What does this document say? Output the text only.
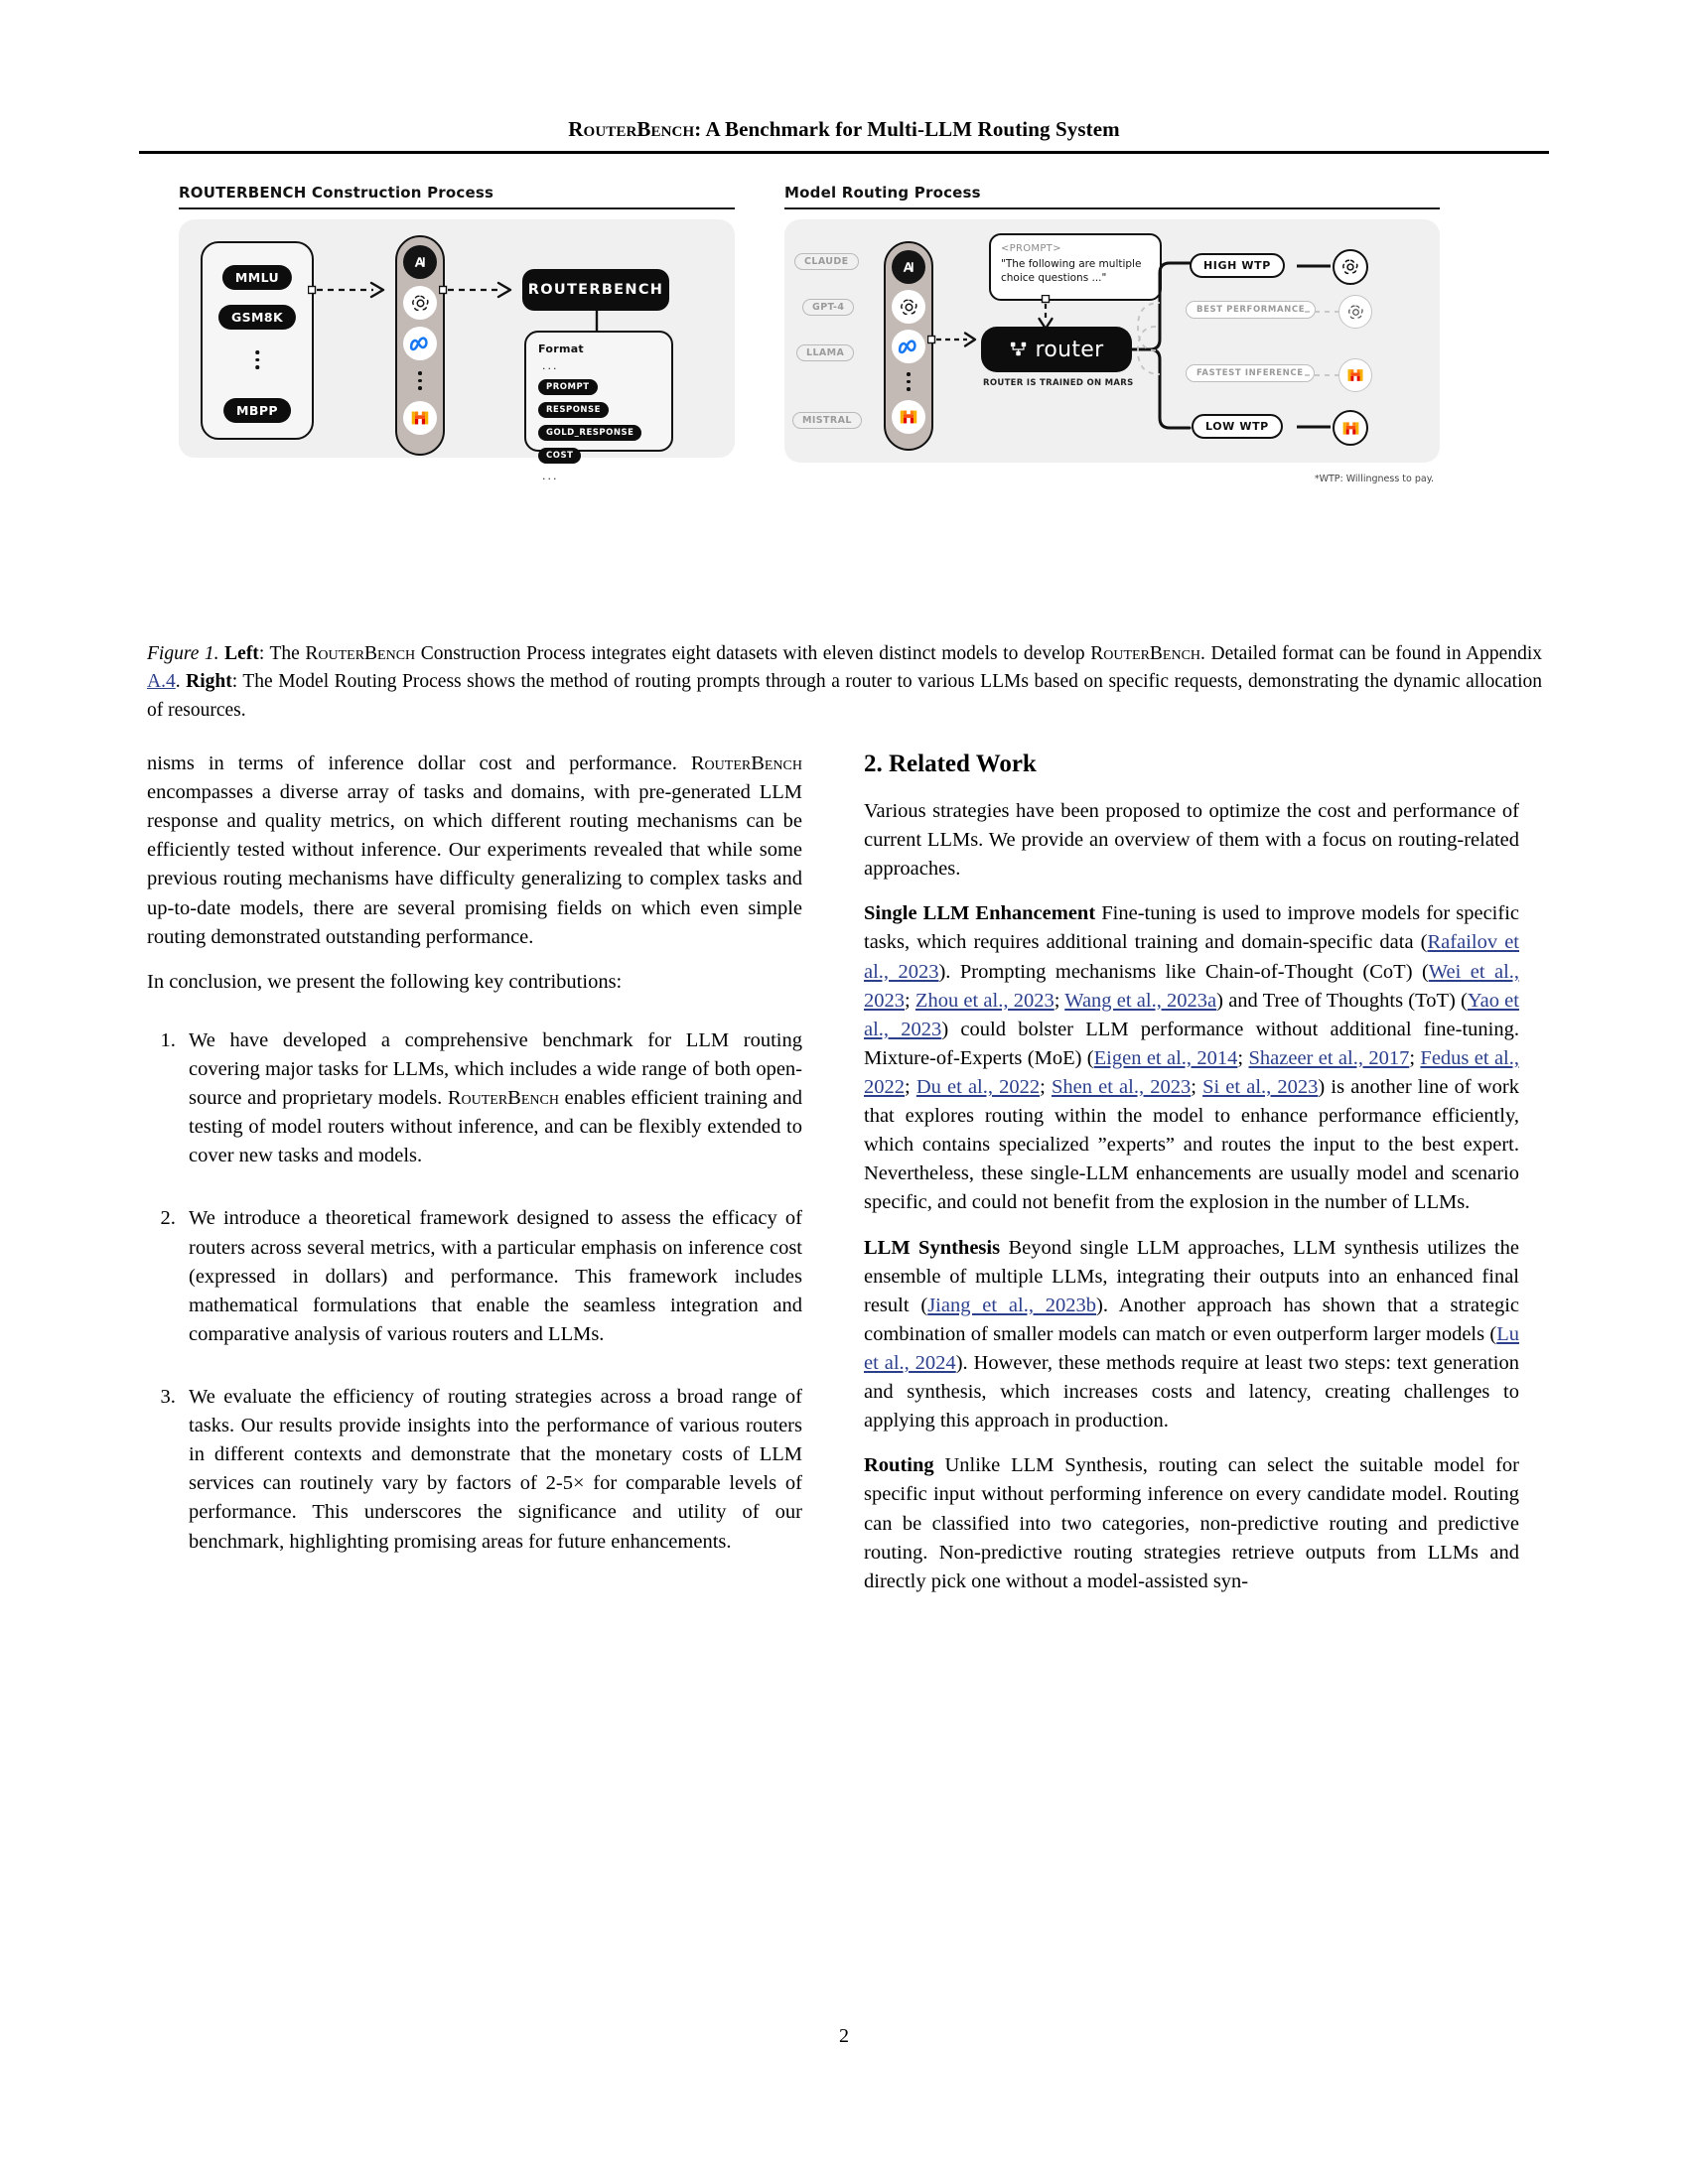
RouterBench: A Benchmark for Multi-LLM Routing System
ROUTERBENCH Construction Process
MMLU
GSM8K
MBPP
ROUTERBENCH
Format
...
PROMPT
RESPONSE
GOLD_RESPONSE
COST
...
Model Routing Process
CLAUDE
GPT-4
LLAMA
MISTRAL
<PROMPT>
"The following are multiple choice questions ..."
router
ROUTER IS TRAINED ON MARS
HIGH WTP
BEST PERFORMANCE
FASTEST INFERENCE
LOW WTP
*WTP: Willingness to pay.
Figure 1. Left: The RouterBench Construction Process integrates eight datasets with eleven distinct models to develop RouterBench. Detailed format can be found in Appendix A.4. Right: The Model Routing Process shows the method of routing prompts through a router to various LLMs based on specific requests, demonstrating the dynamic allocation of resources.

nisms in terms of inference dollar cost and performance. RouterBench encompasses a diverse array of tasks and domains, with pre-generated LLM response and quality metrics, on which different routing mechanisms can be efficiently tested without inference. Our experiments revealed that while some previous routing mechanisms have difficulty generalizing to complex tasks and up-to-date models, there are several promising fields on which even simple routing demonstrated outstanding performance.

In conclusion, we present the following key contributions:

1. We have developed a comprehensive benchmark for LLM routing covering major tasks for LLMs, which includes a wide range of both open-source and proprietary models. RouterBench enables efficient training and testing of model routers without inference, and can be flexibly extended to cover new tasks and models.
2. We introduce a theoretical framework designed to assess the efficacy of routers across several metrics, with a particular emphasis on inference cost (expressed in dollars) and performance. This framework includes mathematical formulations that enable the seamless integration and comparative analysis of various routers and LLMs.
3. We evaluate the efficiency of routing strategies across a broad range of tasks. Our results provide insights into the performance of various routers in different contexts and demonstrate that the monetary costs of LLM services can routinely vary by factors of 2-5× for comparable levels of performance. This underscores the significance and utility of our benchmark, highlighting promising areas for future enhancements.
2. Related Work

Various strategies have been proposed to optimize the cost and performance of current LLMs. We provide an overview of them with a focus on routing-related approaches.

Single LLM Enhancement Fine-tuning is used to improve models for specific tasks, which requires additional training and domain-specific data (Rafailov et al., 2023). Prompting mechanisms like Chain-of-Thought (CoT) (Wei et al., 2023; Zhou et al., 2023; Wang et al., 2023a) and Tree of Thoughts (ToT) (Yao et al., 2023) could bolster LLM performance without additional fine-tuning. Mixture-of-Experts (MoE) (Eigen et al., 2014; Shazeer et al., 2017; Fedus et al., 2022; Du et al., 2022; Shen et al., 2023; Si et al., 2023) is another line of work that explores routing within the model to enhance performance efficiently, which contains specialized ”experts” and routes the input to the best expert. Nevertheless, these single-LLM enhancements are usually model and scenario specific, and could not benefit from the explosion in the number of LLMs.

LLM Synthesis Beyond single LLM approaches, LLM synthesis utilizes the ensemble of multiple LLMs, integrating their outputs into an enhanced final result (Jiang et al., 2023b). Another approach has shown that a strategic combination of smaller models can match or even outperform larger models (Lu et al., 2024). However, these methods require at least two steps: text generation and synthesis, which increases costs and latency, creating challenges to applying this approach in production.

Routing Unlike LLM Synthesis, routing can select the suitable model for specific input without performing inference on every candidate model. Routing can be classified into two categories, non-predictive routing and predictive routing. Non-predictive routing strategies retrieve outputs from LLMs and directly pick one without a model-assisted syn-

2
